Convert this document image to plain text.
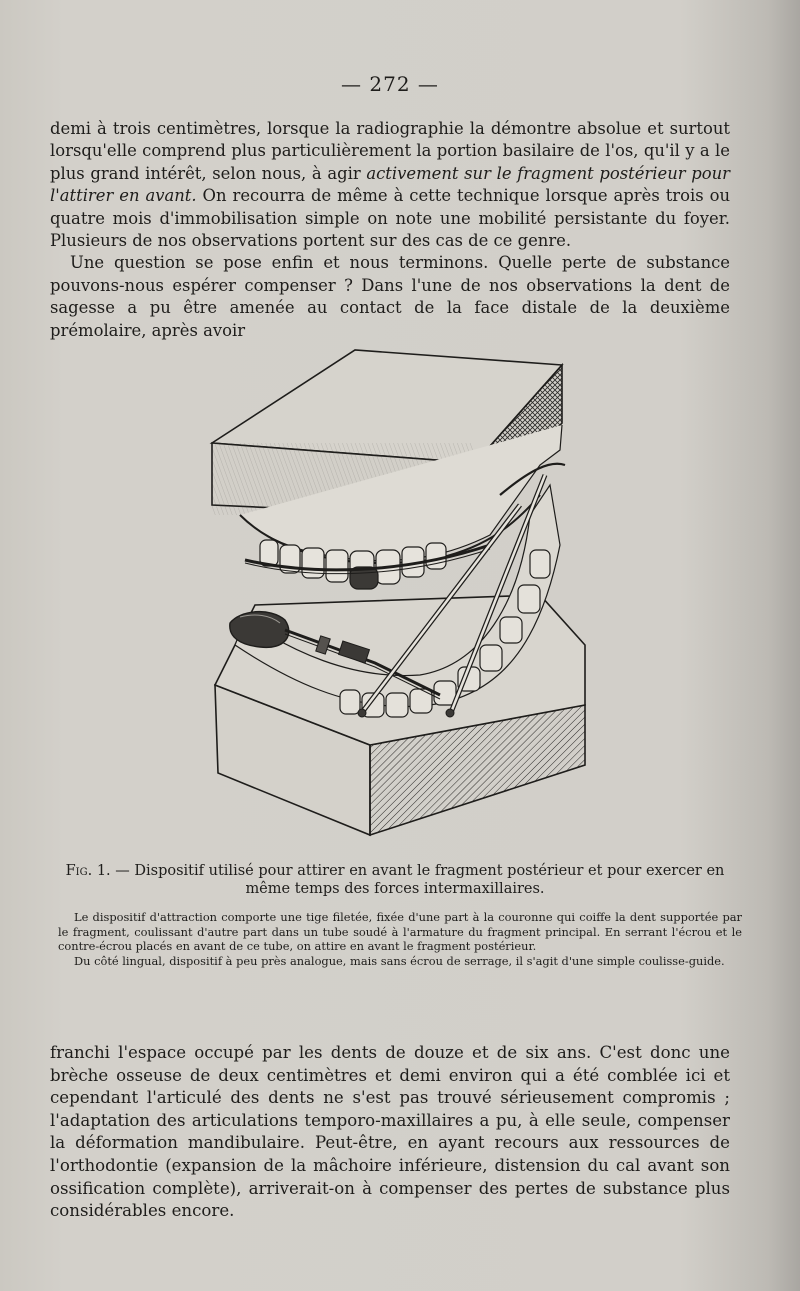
— 272 —

demi à trois centimètres, lorsque la radiographie la démontre absolue et surtout lorsqu'elle comprend plus particulièrement la portion basilaire de l'os, qu'il y a le plus grand intérêt, selon nous, à agir activement sur le fragment postérieur pour l'attirer en avant. On recourra de même à cette technique lorsque après trois ou quatre mois d'immobilisation simple on note une mobilité persistante du foyer. Plusieurs de nos observations portent sur des cas de ce genre.

Une question se pose enfin et nous terminons. Quelle perte de substance pouvons-nous espérer compenser ? Dans l'une de nos observations la dent de sagesse a pu être amenée au contact de la face distale de la deuxième prémolaire, après avoir

Fig. 1. — Dispositif utilisé pour attirer en avant le fragment postérieur et pour exercer en même temps des forces intermaxillaires.

Le dispositif d'attraction comporte une tige filetée, fixée d'une part à la couronne qui coiffe la dent supportée par le fragment, coulissant d'autre part dans un tube soudé à l'armature du fragment principal. En serrant l'écrou et le contre-écrou placés en avant de ce tube, on attire en avant le fragment postérieur.

Du côté lingual, dispositif à peu près analogue, mais sans écrou de serrage, il s'agit d'une simple coulisse-guide.

franchi l'espace occupé par les dents de douze et de six ans. C'est donc une brèche osseuse de deux centimètres et demi environ qui a été comblée ici et cependant l'articulé des dents ne s'est pas trouvé sérieusement compromis ; l'adaptation des articulations temporo-maxillaires a pu, à elle seule, compenser la déformation mandibulaire. Peut-être, en ayant recours aux ressources de l'orthodontie (expansion de la mâchoire inférieure, distension du cal avant son ossification complète), arriverait-on à compenser des pertes de substance plus considérables encore.
